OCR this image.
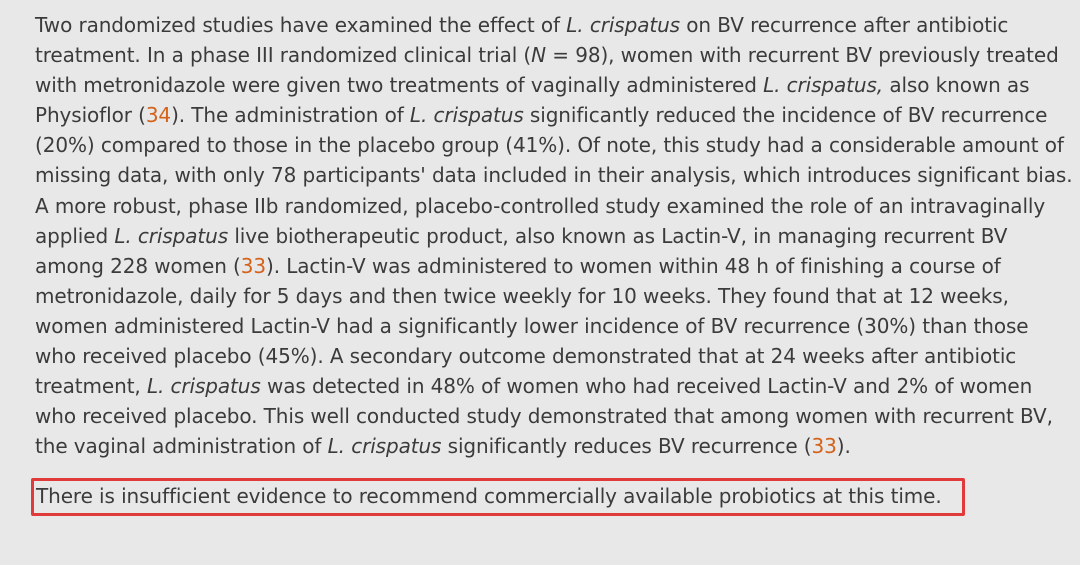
Two randomized studies have examined the effect of L. crispatus on BV recurrence after antibiotic
treatment. In a phase III randomized clinical trial (N = 98), women with recurrent BV previously treated
with metronidazole were given two treatments of vaginally administered L. crispatus, also known as
Physioflor (34). The administration of L. crispatus significantly reduced the incidence of BV recurrence
(20%) compared to those in the placebo group (41%). Of note, this study had a considerable amount of
missing data, with only 78 participants' data included in their analysis, which introduces significant bias.
A more robust, phase IIb randomized, placebo-controlled study examined the role of an intravaginally
applied L. crispatus live biotherapeutic product, also known as Lactin-V, in managing recurrent BV
among 228 women (33). Lactin-V was administered to women within 48 h of finishing a course of
metronidazole, daily for 5 days and then twice weekly for 10 weeks. They found that at 12 weeks,
women administered Lactin-V had a significantly lower incidence of BV recurrence (30%) than those
who received placebo (45%). A secondary outcome demonstrated that at 24 weeks after antibiotic
treatment, L. crispatus was detected in 48% of women who had received Lactin-V and 2% of women
who received placebo. This well conducted study demonstrated that among women with recurrent BV,
the vaginal administration of L. crispatus significantly reduces BV recurrence (33).

There is insufficient evidence to recommend commercially available probiotics at this time.
